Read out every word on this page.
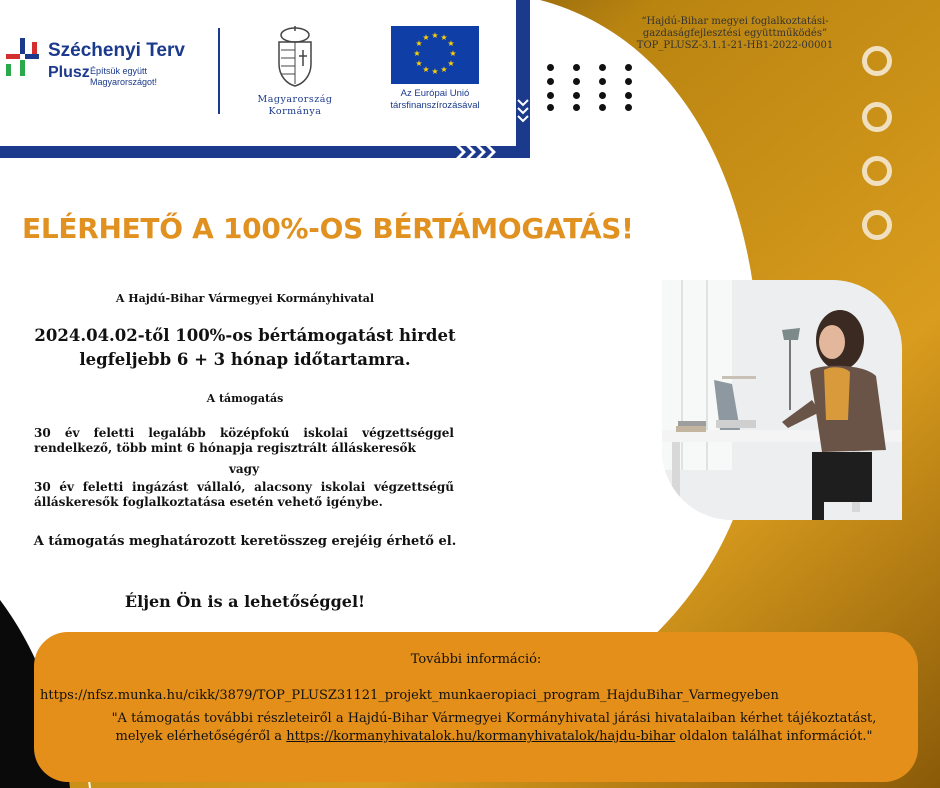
Széchenyi Terv
Plusz Építsük együtt Magyarországot!
Magyarország
Kormánya
★ ★
★
★
★
★
★
★
★
★
★
★
Az Európai Unió
társfinanszírozásával
“Hajdú-Bihar megyei foglalkoztatási-
gazdaságfejlesztési együttműködés”
TOP_PLUSZ-3.1.1-21-HB1-2022-00001
ELÉRHETŐ A 100%-OS BÉRTÁMOGATÁS!
A Hajdú-Bihar Vármegyei Kormányhivatal
2024.04.02-től 100%-os bértámogatást hirdet legfeljebb 6 + 3 hónap időtartamra.
A támogatás
30 év feletti legalább középfokú iskolai végzettséggel rendelkező, több mint 6 hónapja regisztrált álláskeresők
vagy
30 év feletti ingázást vállaló, alacsony iskolai végzettségű álláskeresők foglalkoztatása esetén vehető igénybe.
A támogatás meghatározott keretösszeg erejéig érhető el.
Éljen Ön is a lehetőséggel!
További információ:
https://nfsz.munka.hu/cikk/3879/TOP_PLUSZ31121_projekt_munkaeropiaci_program_HajduBihar_Varmegyeben
"A támogatás további részleteiről a Hajdú-Bihar Vármegyei Kormányhivatal járási hivatalaiban kérhet tájékoztatást, melyek elérhetőségéről a https://kormanyhivatalok.hu/kormanyhivatalok/hajdu-bihar oldalon találhat információt."
